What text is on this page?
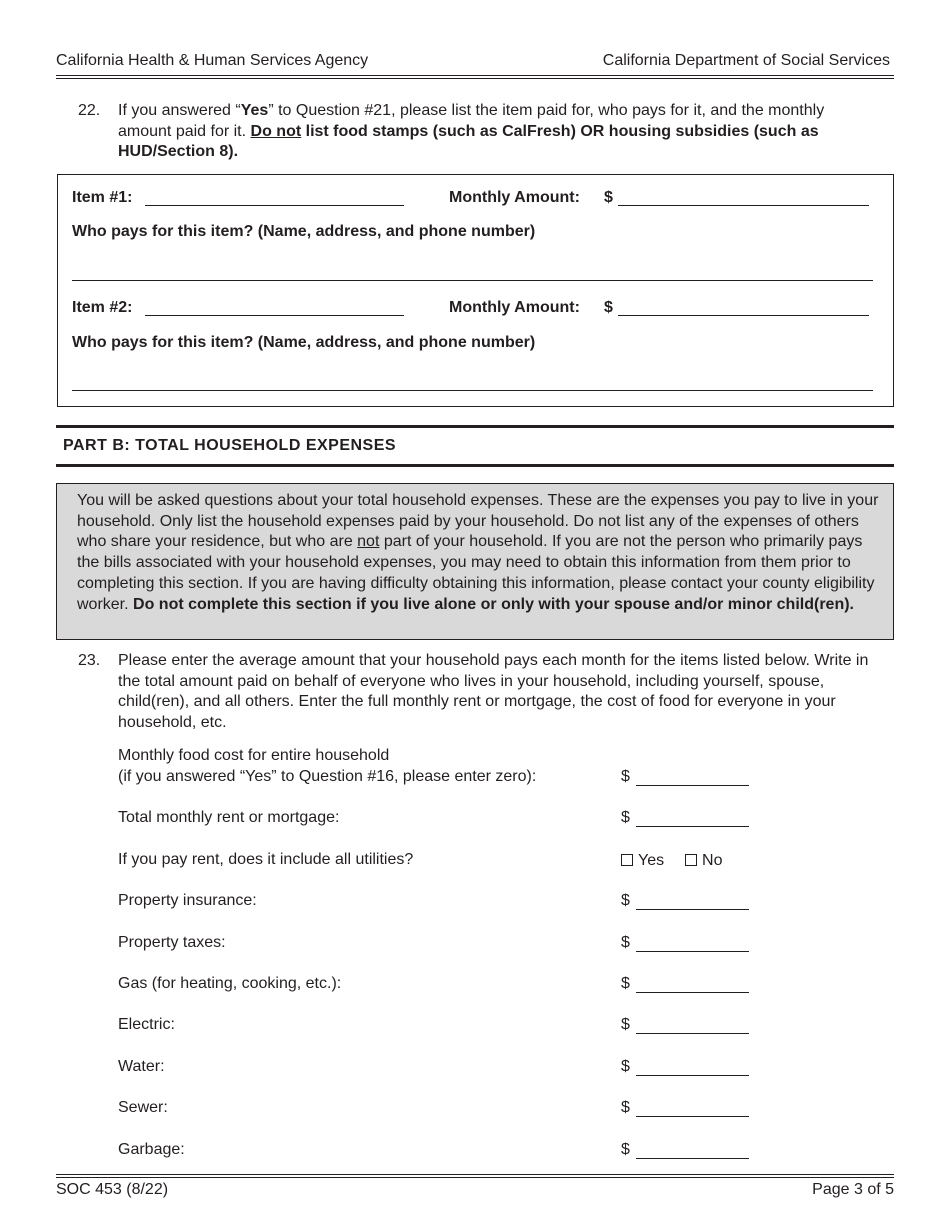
California Health & Human Services Agency	California Department of Social Services
22. If you answered “Yes” to Question #21, please list the item paid for, who pays for it, and the monthly amount paid for it. Do not list food stamps (such as CalFresh) OR housing subsidies (such as HUD/Section 8).
Item #1:	Monthly Amount: $
Who pays for this item? (Name, address, and phone number)
Item #2:	Monthly Amount: $
Who pays for this item? (Name, address, and phone number)
PART B: TOTAL HOUSEHOLD EXPENSES

You will be asked questions about your total household expenses. These are the expenses you pay to live in your household. Only list the household expenses paid by your household. Do not list any of the expenses of others who share your residence, but who are not part of your household. If you are not the person who primarily pays the bills associated with your household expenses, you may need to obtain this information from them prior to completing this section. If you are having difficulty obtaining this information, please contact your county eligibility worker. Do not complete this section if you live alone or only with your spouse and/or minor child(ren).

23. Please enter the average amount that your household pays each month for the items listed below. Write in the total amount paid on behalf of everyone who lives in your household, including yourself, spouse, child(ren), and all others. Enter the full monthly rent or mortgage, the cost of food for everyone in your household, etc.
Monthly food cost for entire household
(if you answered “Yes” to Question #16, please enter zero):	$
Total monthly rent or mortgage:	$
If you pay rent, does it include all utilities?	Yes No
Property insurance:	$
Property taxes:	$
Gas (for heating, cooking, etc.):	$
Electric:	$
Water:	$
Sewer:	$
Garbage:	$
SOC 453 (8/22)	Page 3 of 5
